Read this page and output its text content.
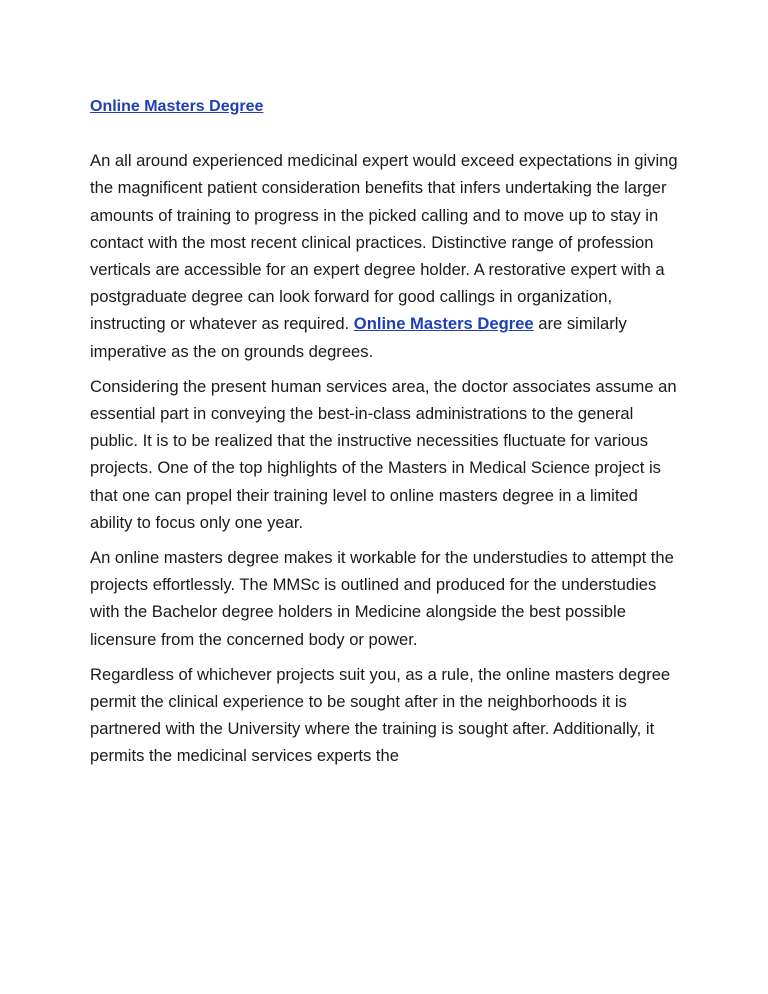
Online Masters Degree

An all around experienced medicinal expert would exceed expectations in giving the magnificent patient consideration benefits that infers undertaking the larger amounts of training to progress in the picked calling and to move up to stay in contact with the most recent clinical practices. Distinctive range of profession verticals are accessible for an expert degree holder. A restorative expert with a postgraduate degree can look forward for good callings in organization, instructing or whatever as required. Online Masters Degree are similarly imperative as the on grounds degrees.

Considering the present human services area, the doctor associates assume an essential part in conveying the best-in-class administrations to the general public. It is to be realized that the instructive necessities fluctuate for various projects. One of the top highlights of the Masters in Medical Science project is that one can propel their training level to online masters degree in a limited ability to focus only one year.

An online masters degree makes it workable for the understudies to attempt the projects effortlessly. The MMSc is outlined and produced for the understudies with the Bachelor degree holders in Medicine alongside the best possible licensure from the concerned body or power.

Regardless of whichever projects suit you, as a rule, the online masters degree permit the clinical experience to be sought after in the neighborhoods it is partnered with the University where the training is sought after. Additionally, it permits the medicinal services experts the
